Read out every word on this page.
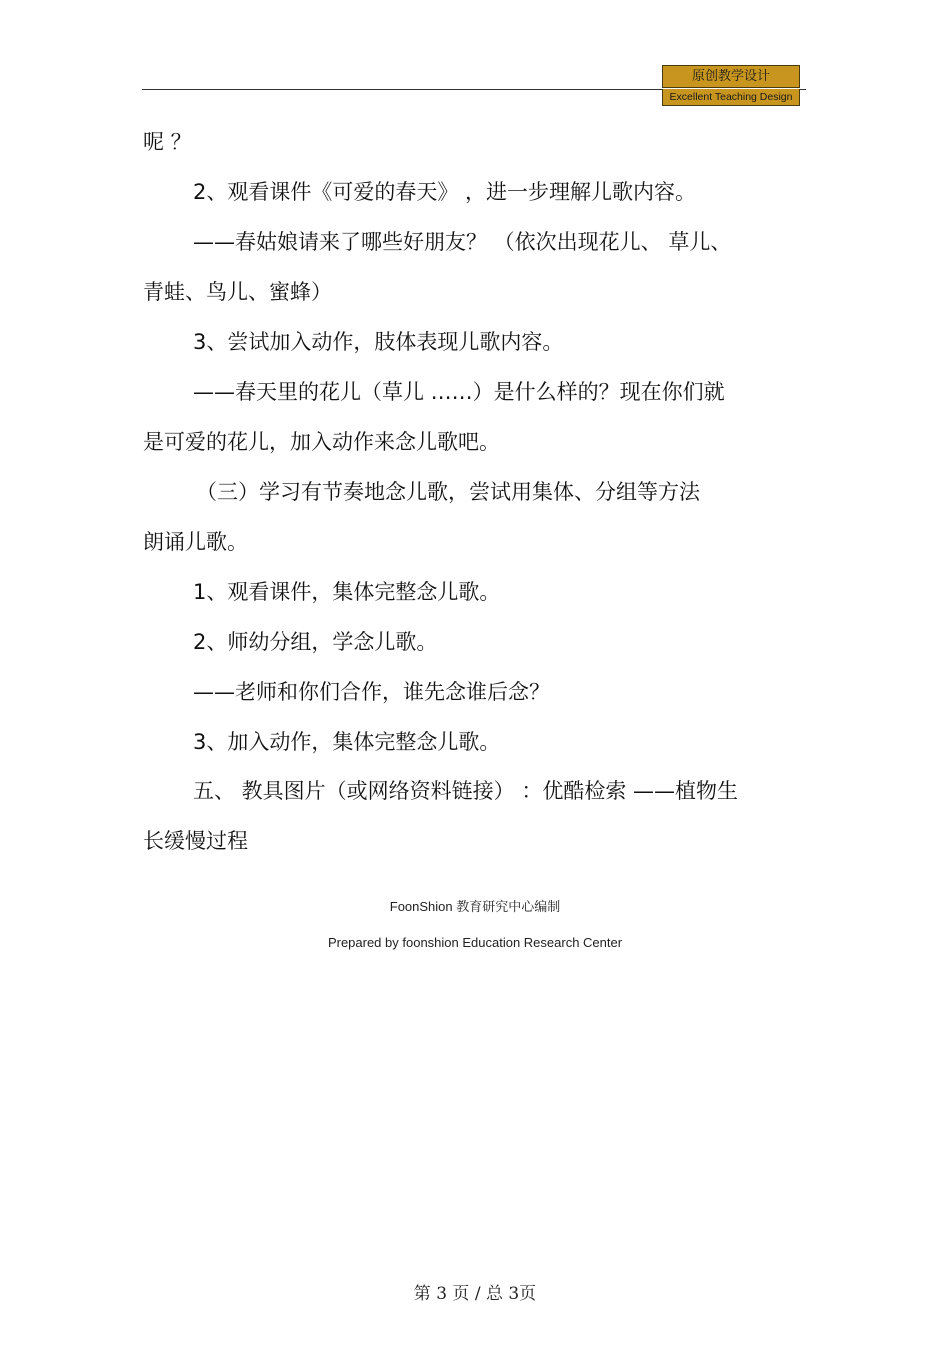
原创教学设计
Excellent Teaching Design
呢 ？
2、观看课件《可爱的春天》 ，进一步理解儿歌内容。
——春姑娘请来了哪些好朋友？ （依次出现花儿、 草儿、
青蛙、鸟儿、蜜蜂）
3、尝试加入动作，肢体表现儿歌内容。
——春天里的花儿（草儿 ……）是什么样的？现在你们就
是可爱的花儿，加入动作来念儿歌吧。
（三）学习有节奏地念儿歌，尝试用集体、分组等方法
朗诵儿歌。
1、观看课件，集体完整念儿歌。
2、师幼分组，学念儿歌。
——老师和你们合作，谁先念谁后念？
3、加入动作，集体完整念儿歌。
五、 教具图片（或网络资料链接） ：优酷检索 ——植物生
长缓慢过程
FoonShion 教育研究中心编制
Prepared by foonshion Education Research Center
第 3 页 / 总 3页
